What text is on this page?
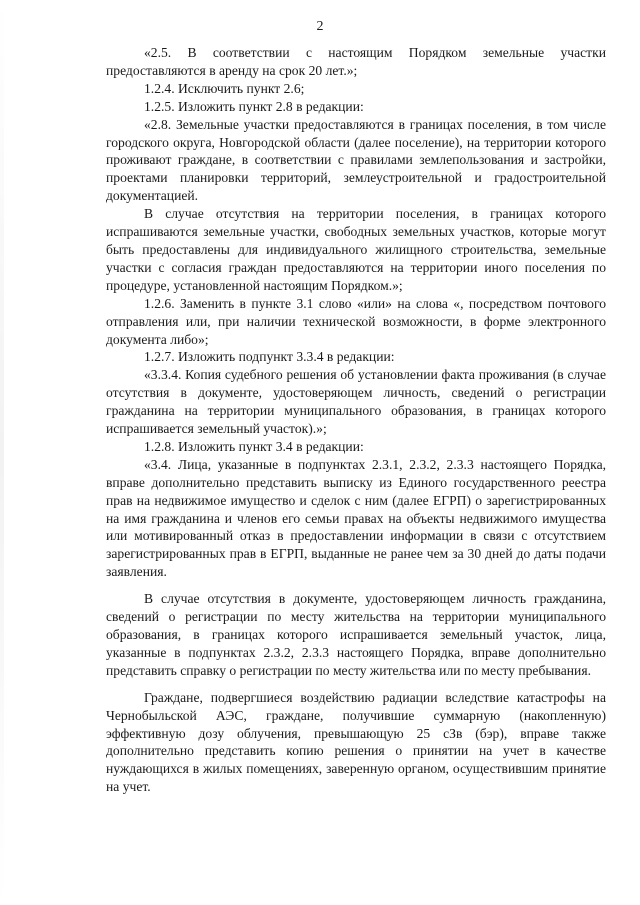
2

«2.5. В соответствии с настоящим Порядком земельные участки предоставляются в аренду на срок 20 лет.»;

1.2.4. Исключить пункт 2.6;

1.2.5. Изложить пункт 2.8 в редакции:

«2.8. Земельные участки предоставляются в границах поселения, в том числе городского округа, Новгородской области (далее поселение), на территории которого проживают граждане, в соответствии с правилами землепользования и застройки, проектами планировки территорий, землеустроительной и градостроительной документацией.

В случае отсутствия на территории поселения, в границах которого испрашиваются земельные участки, свободных земельных участков, которые могут быть предоставлены для индивидуального жилищного строительства, земельные участки с согласия граждан предоставляются на территории иного поселения по процедуре, установленной настоящим Порядком.»;

1.2.6. Заменить в пункте 3.1 слово «или» на слова «, посредством почтового отправления или, при наличии технической возможности, в форме электронного документа либо»;

1.2.7. Изложить подпункт 3.3.4 в редакции:

«3.3.4. Копия судебного решения об установлении факта проживания (в случае отсутствия в документе, удостоверяющем личность, сведений о регистрации гражданина на территории муниципального образования, в границах которого испрашивается земельный участок).»;

1.2.8. Изложить пункт 3.4 в редакции:

«3.4. Лица, указанные в подпунктах 2.3.1, 2.3.2, 2.3.3 настоящего Порядка, вправе дополнительно представить выписку из Единого государственного реестра прав на недвижимое имущество и сделок с ним (далее ЕГРП) о зарегистрированных на имя гражданина и членов его семьи правах на объекты недвижимого имущества или мотивированный отказ в предоставлении информации в связи с отсутствием зарегистрированных прав в ЕГРП, выданные не ранее чем за 30 дней до даты подачи заявления.

В случае отсутствия в документе, удостоверяющем личность гражданина, сведений о регистрации по месту жительства на территории муниципального образования, в границах которого испрашивается земельный участок, лица, указанные в подпунктах 2.3.2, 2.3.3 настоящего Порядка, вправе дополнительно представить справку о регистрации по месту жительства или по месту пребывания.

Граждане, подвергшиеся воздействию радиации вследствие катастрофы на Чернобыльской АЭС, граждане, получившие суммарную (накопленную) эффективную дозу облучения, превышающую 25 сЗв (бэр), вправе также дополнительно представить копию решения о принятии на учет в качестве нуждающихся в жилых помещениях, заверенную органом, осуществившим принятие на учет.
